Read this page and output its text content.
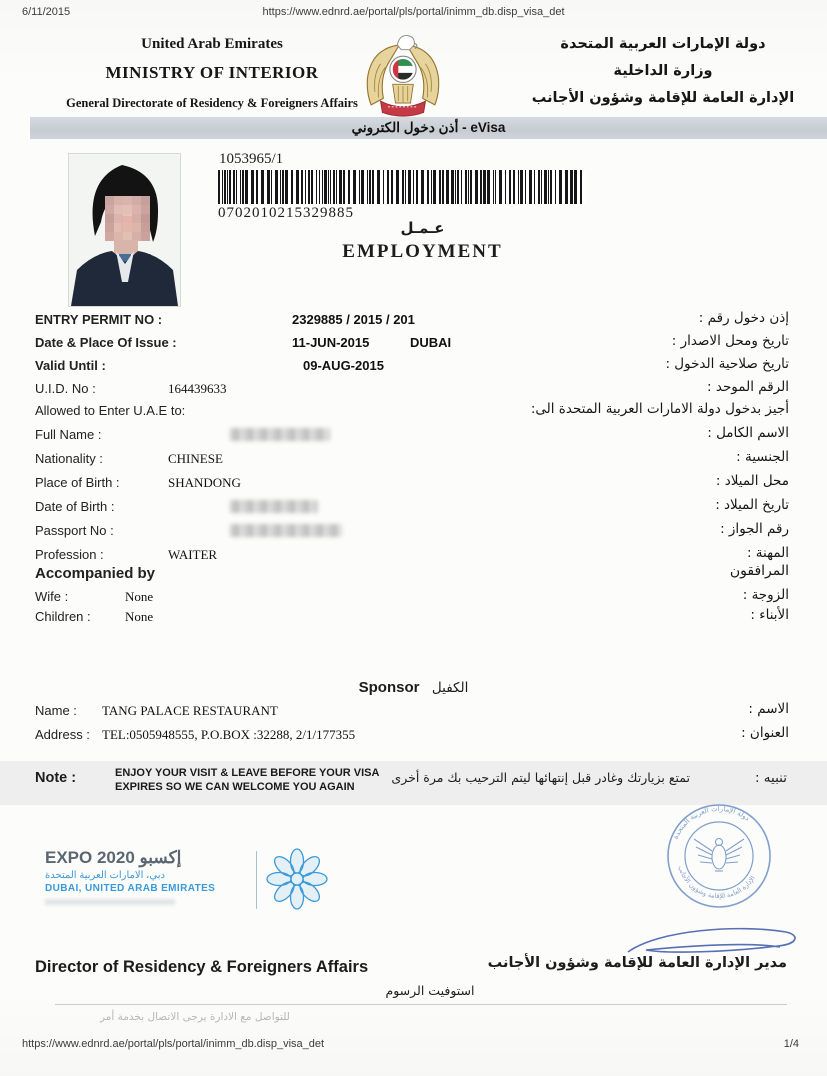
6/11/2015	https://www.ednrd.ae/portal/pls/portal/inimm_db.disp_visa_det
United Arab Emirates
MINISTRY OF INTERIOR
General Directorate of Residency & Foreigners Affairs
دولة الإمارات العربية المتحدة
وزارة الداخلية
الإدارة العامة للإقامة وشؤون الأجانب
أذن دخول الكتروني - eVisa
1053965/1
0702010215329885
عـمـل
EMPLOYMENT
ENTRY PERMIT NO :	2329885 / 2015 / 201	إذن دخول رقم :
Date & Place Of Issue :	11-JUN-2015	DUBAI	تاريخ ومحل الاصدار :
Valid Until :	09-AUG-2015	تاريخ صلاحية الدخول :
U.I.D. No :	164439633	الرقم الموحد :
Allowed to Enter U.A.E to:	أجيز بدخول دولة الامارات العربية المتحدة الى:
Full Name :	الاسم الكامل :
Nationality :	CHINESE	الجنسية :
Place of Birth :	SHANDONG	محل الميلاد :
Date of Birth :	تاريخ الميلاد :
Passport No :	رقم الجواز :
Profession :	WAITER	المهنة :
Accompanied by	المرافقون
Wife :	None	الزوجة :
Children :	None	الأبناء :
Sponsor الكفيل
Name : TANG PALACE RESTAURANT	الاسم :
Address : TEL:0505948555, P.O.BOX :32288, 2/1/177355	العنوان :
Note :	ENJOY YOUR VISIT & LEAVE BEFORE YOUR VISA
EXPIRES SO WE CAN WELCOME YOU AGAIN
تمتع بزيارتك وغادر قبل إنتهائها ليتم الترحيب بك مرة أخرى	تنبيه :
EXPO 2020 إكسبو
دبي، الامارات العربية المتحدة
DUBAI, UNITED ARAB EMIRATES
دولة الإمارات العربية المتحدة
الإدارة العامة للإقامة وشؤون الأجانب
Director of Residency & Foreigners Affairs	مدير الإدارة العامة للإقامة وشؤون الأجانب
استوفيت الرسوم
للتواصل مع الادارة يرجى الاتصال بخدمة أمر
https://www.ednrd.ae/portal/pls/portal/inimm_db.disp_visa_det	1/4
